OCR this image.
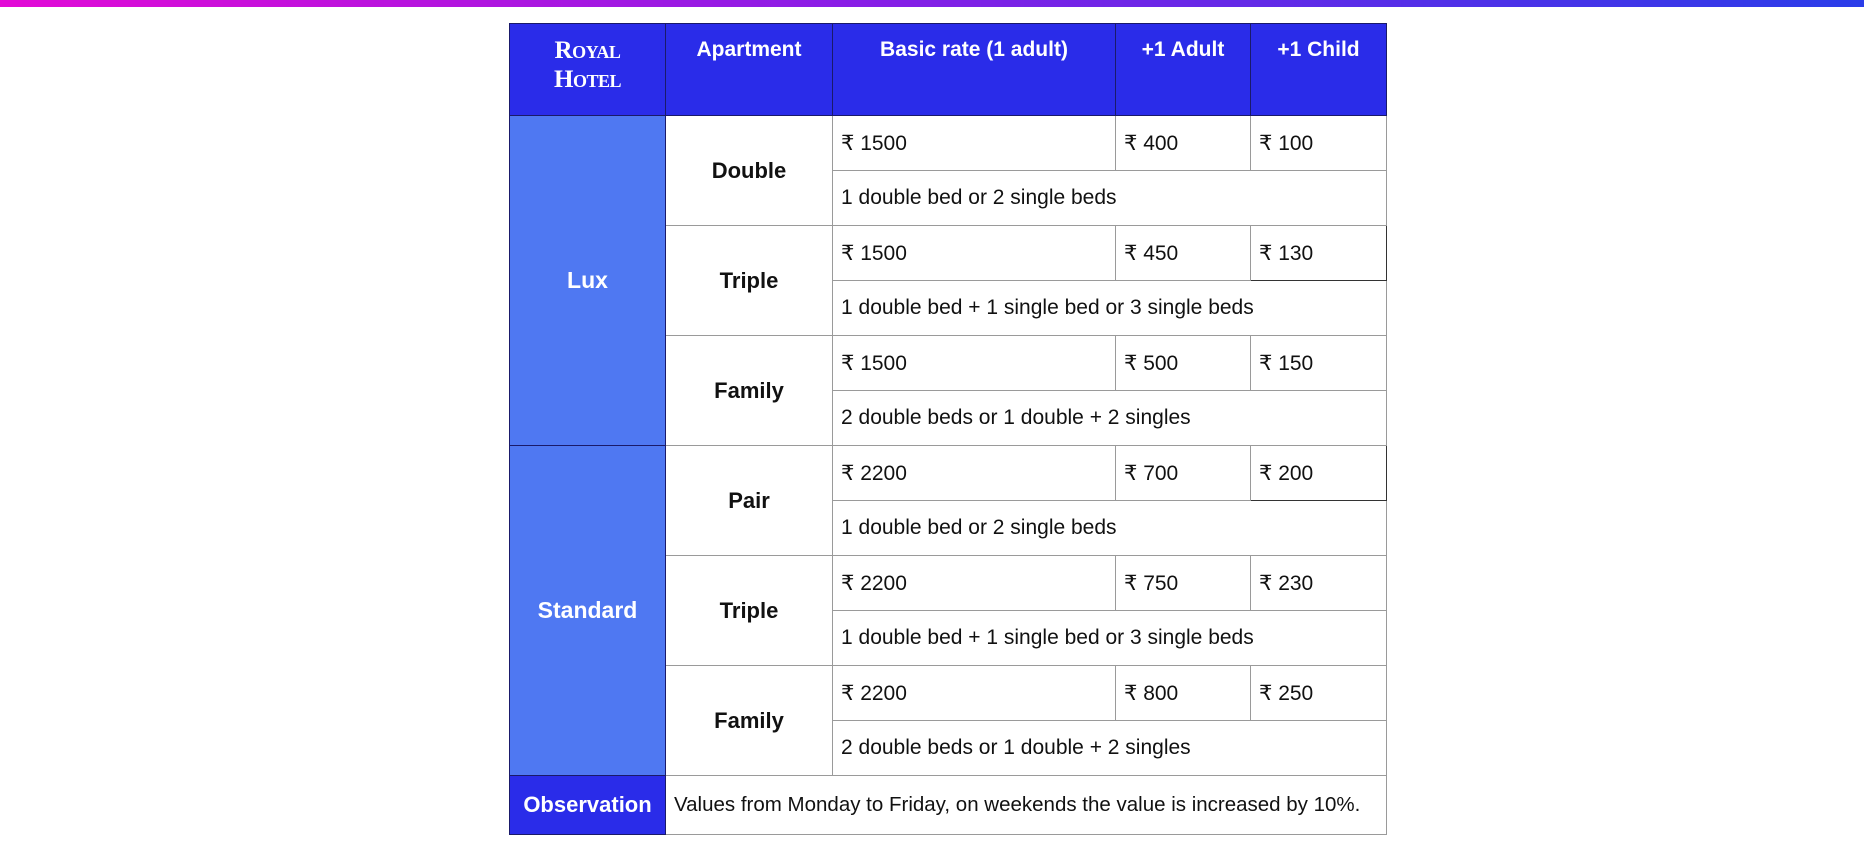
Royal
Hotel	Apartment	Basic rate (1 adult)	+1 Adult	+1 Child
Lux	Double	₹ 1500	₹ 400	₹ 100
		1 double bed or 2 single beds		
	Triple	₹ 1500	₹ 450	₹ 130
		1 double bed + 1 single bed or 3 single beds		
	Family	₹ 1500	₹ 500	₹ 150
		2 double beds or 1 double + 2 singles		
Standard	Pair	₹ 2200	₹ 700	₹ 200
		1 double bed or 2 single beds		
	Triple	₹ 2200	₹ 750	₹ 230
		1 double bed + 1 single bed or 3 single beds		
	Family	₹ 2200	₹ 800	₹ 250
		2 double beds or 1 double + 2 singles		
Observation	Values from Monday to Friday, on weekends the value is increased by 10%.			
